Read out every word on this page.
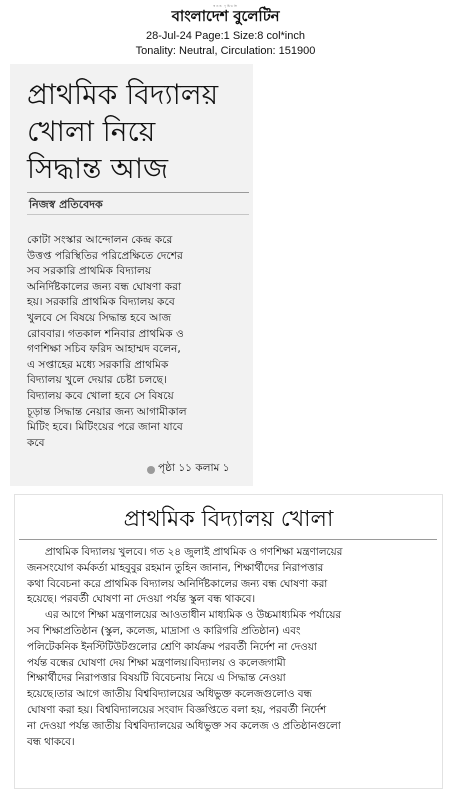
স্বতন্ত্র দৃষ্টিভঙ্গি
বাংলাদেশ বুলেটিন
28-Jul-24 Page:1 Size:8 col*inch
Tonality: Neutral, Circulation: 151900
প্রাথমিক বিদ্যালয়
খোলা নিয়ে
সিদ্ধান্ত আজ
নিজস্ব প্রতিবেদক
কোটা সংস্কার আন্দোলন কেন্দ্র করে
উত্তপ্ত পরিস্থিতির পরিপ্রেক্ষিতে দেশের
সব সরকারি প্রাথমিক বিদ্যালয়
অনির্দিষ্টকালের জন্য বন্ধ ঘোষণা করা
হয়। সরকারি প্রাথমিক বিদ্যালয় কবে
খুলবে সে বিষয়ে সিদ্ধান্ত হবে আজ
রোববার। গতকাল শনিবার প্রাথমিক ও
গণশিক্ষা সচিব ফরিদ আহাম্মদ বলেন,
এ সপ্তাহের মধ্যে সরকারি প্রাথমিক
বিদ্যালয় খুলে দেয়ার চেষ্টা চলছে।
বিদ্যালয় কবে খোলা হবে সে বিষয়ে
চূড়ান্ত সিদ্ধান্ত নেয়ার জন্য আগামীকাল
মিটিং হবে। মিটিংয়ের পরে জানা যাবে
কবে
পৃষ্ঠা ১১ কলাম ১
প্রাথমিক বিদ্যালয় খোলা

প্রাথমিক বিদ্যালয় খুলবে। গত ২৪ জুলাই প্রাথমিক ও গণশিক্ষা মন্ত্রণালয়ের
জনসংযোগ কর্মকর্তা মাহবুবুর রহমান তুহিন জানান, শিক্ষার্থীদের নিরাপত্তার
কথা বিবেচনা করে প্রাথমিক বিদ্যালয় অনির্দিষ্টকালের জন্য বন্ধ ঘোষণা করা
হয়েছে। পরবর্তী ঘোষণা না দেওয়া পর্যন্ত স্কুল বন্ধ থাকবে।

এর আগে শিক্ষা মন্ত্রণালয়ের আওতাধীন মাধ্যমিক ও উচ্চমাধ্যমিক পর্যায়ের
সব শিক্ষাপ্রতিষ্ঠান (স্কুল, কলেজ, মাদ্রাসা ও কারিগরি প্রতিষ্ঠান) এবং
পলিটেকনিক ইনস্টিটিউটগুলোর শ্রেণি কার্যক্রম পরবর্তী নির্দেশ না দেওয়া
পর্যন্ত বন্ধের ঘোষণা দেয় শিক্ষা মন্ত্রণালয়।বিদ্যালয় ও কলেজগামী
শিক্ষার্থীদের নিরাপত্তার বিষয়টি বিবেচনায় নিয়ে এ সিদ্ধান্ত নেওয়া
হয়েছে।তার আগে জাতীয় বিশ্ববিদ্যালয়ের অধিভুক্ত কলেজগুলোও বন্ধ
ঘোষণা করা হয়। বিশ্ববিদ্যালয়ের সংবাদ বিজ্ঞপ্তিতে বলা হয়, পরবর্তী নির্দেশ
না দেওয়া পর্যন্ত জাতীয় বিশ্ববিদ্যালয়ের অধিভুক্ত সব কলেজ ও প্রতিষ্ঠানগুলো
বন্ধ থাকবে।
